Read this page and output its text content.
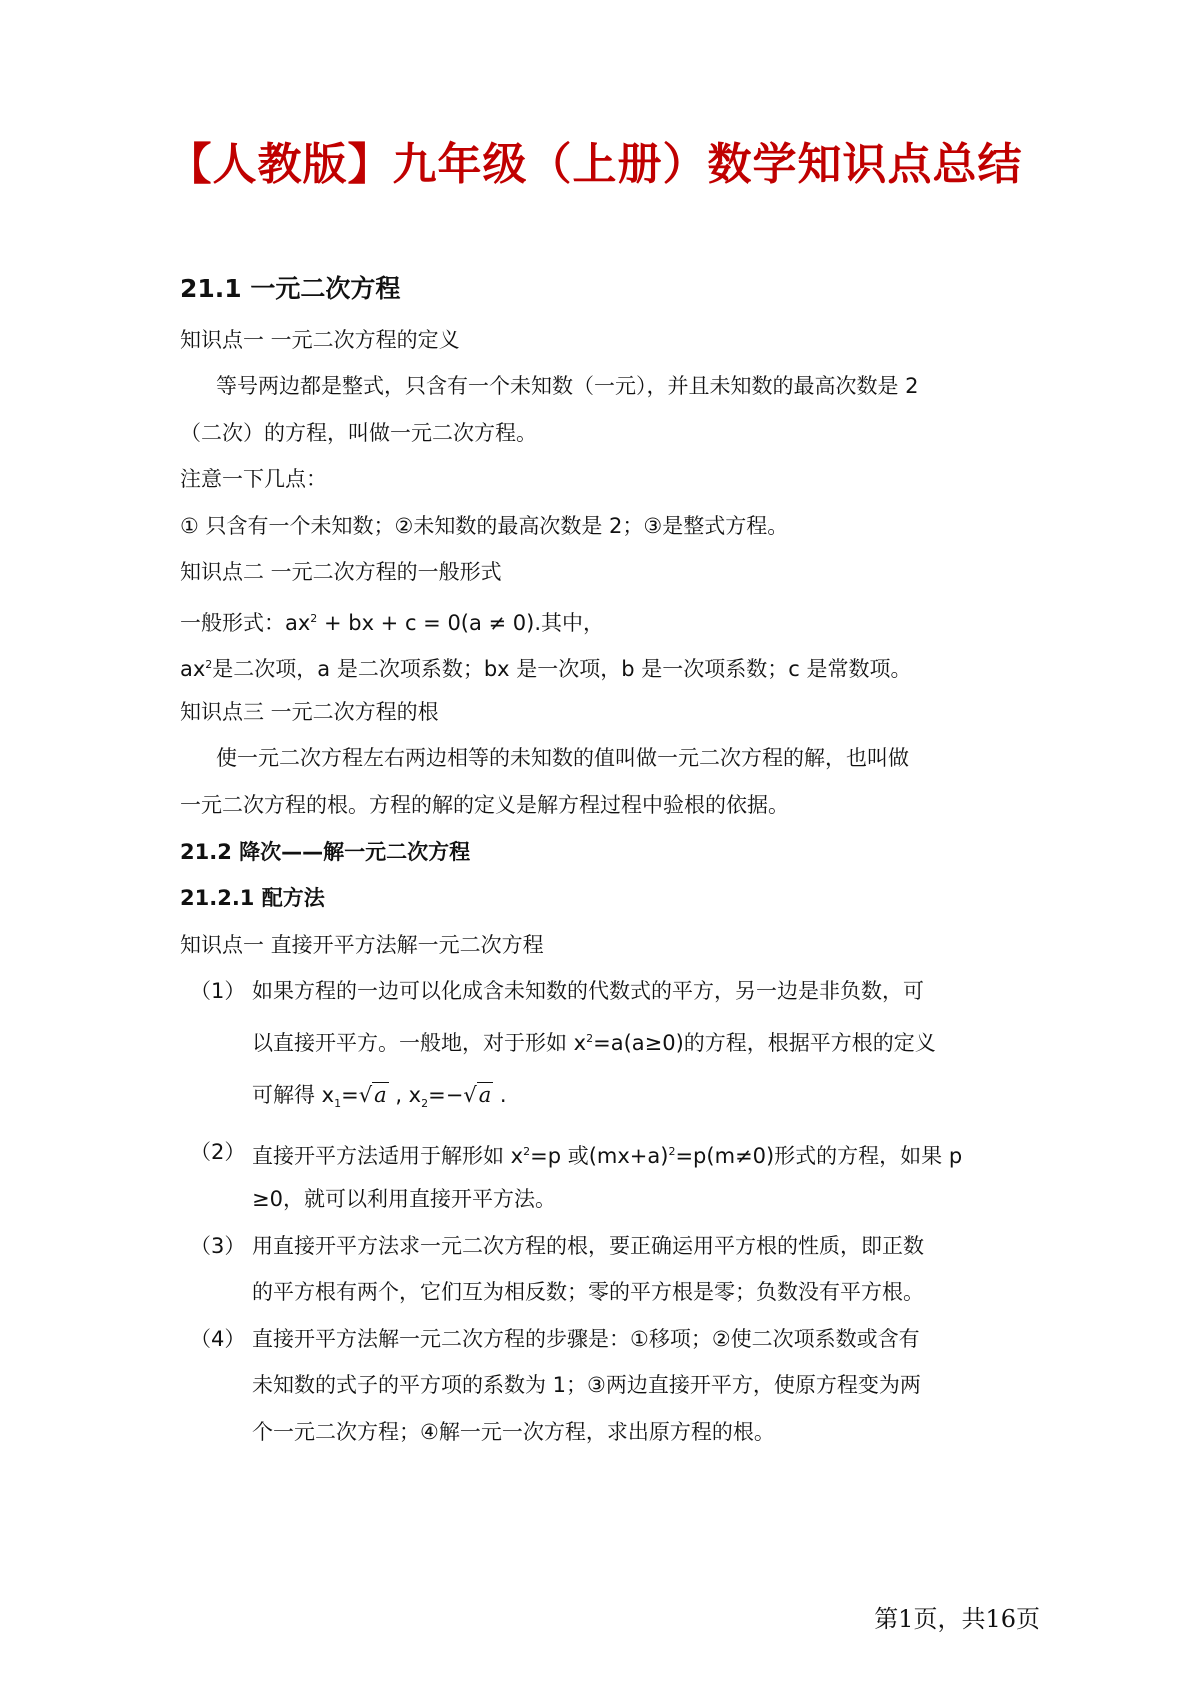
【人教版】九年级（上册）数学知识点总结
21.1 一元二次方程
知识点一 一元二次方程的定义
等号两边都是整式，只含有一个未知数（一元），并且未知数的最高次数是 2
（二次）的方程，叫做一元二次方程。
注意一下几点：
① 只含有一个未知数；②未知数的最高次数是 2；③是整式方程。
知识点二 一元二次方程的一般形式
一般形式：$ax^2$ + bx + c = 0(a ≠ 0).其中，
$ax^2$是二次项，a 是二次项系数；bx 是一次项，b 是一次项系数；c 是常数项。
知识点三 一元二次方程的根
使一元二次方程左右两边相等的未知数的值叫做一元二次方程的解，也叫做
一元二次方程的根。方程的解的定义是解方程过程中验根的依据。
21.2 降次——解一元二次方程
21.2.1 配方法
知识点一 直接开平方法解一元二次方程
（1） 如果方程的一边可以化成含未知数的代数式的平方，另一边是非负数，可
以直接开平方。一般地，对于形如 $x^2=a(a\ge 0)$的方程，根据平方根的定义
可解得 $x_1=√a$ , $x_2=-√a$ .
（2） 直接开平方法适用于解形如 $x^2=p$ 或$(mx+a)^2=p(m\ne 0)$形式的方程，如果 p
≥0，就可以利用直接开平方法。
（3） 用直接开平方法求一元二次方程的根，要正确运用平方根的性质，即正数
的平方根有两个，它们互为相反数；零的平方根是零；负数没有平方根。
（4） 直接开平方法解一元二次方程的步骤是：①移项；②使二次项系数或含有
未知数的式子的平方项的系数为 1；③两边直接开平方，使原方程变为两
个一元二次方程；④解一元一次方程，求出原方程的根。
第1页，共16页
